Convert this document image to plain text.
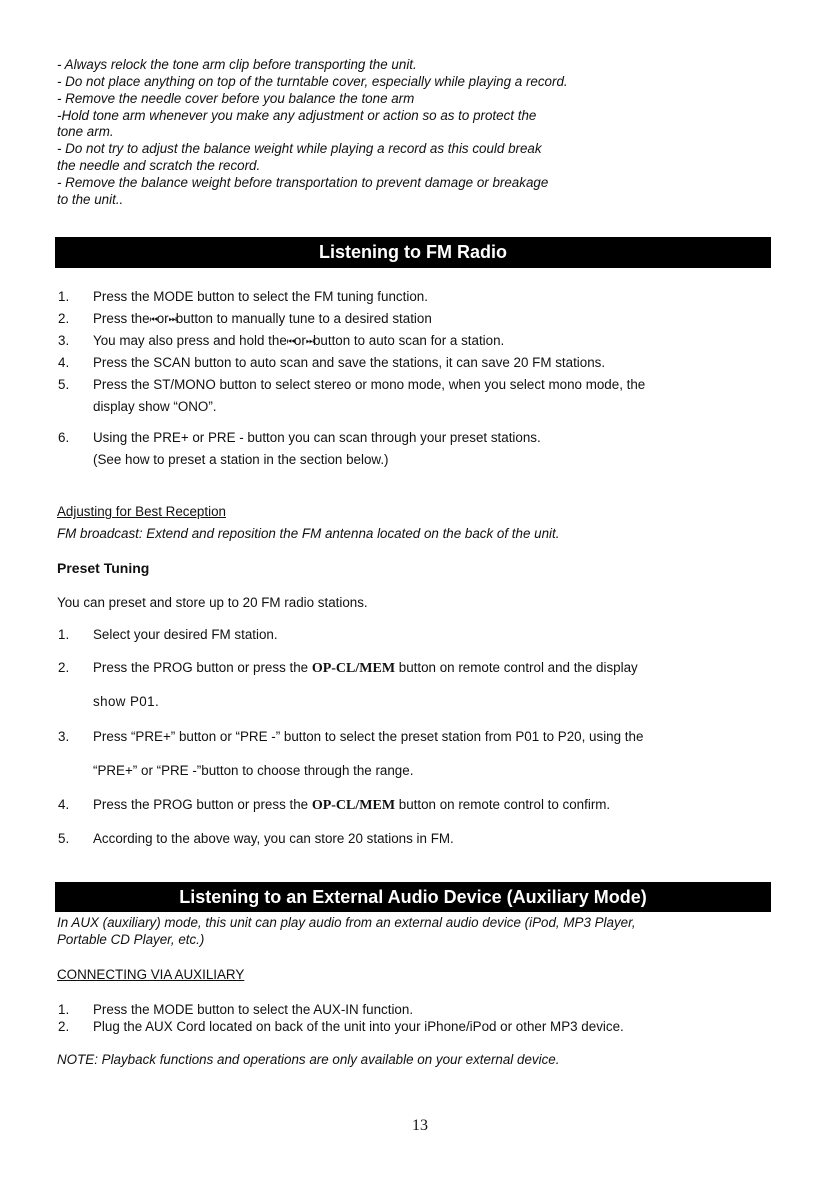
- Always relock the tone arm clip before transporting the unit.
- Do not place anything on top of the turntable cover, especially while playing a record.
- Remove the needle cover before you balance the tone arm
-Hold tone arm whenever you make any adjustment or action so as to protect the
tone arm.
- Do not try to adjust the balance weight while playing a record as this could break
the needle and scratch the record.
- Remove the balance weight before transportation to prevent damage or breakage
to the unit..
Listening to FM Radio
1. Press the MODE button to select the FM tuning function.
2. Press the⏮or⏭button to manually tune to a desired station
3. You may also press and hold the⏮or⏭button to auto scan for a station.
4. Press the SCAN button to auto scan and save the stations, it can save 20 FM stations.
5. Press the ST/MONO button to select stereo or mono mode, when you select mono mode, the
display show “ONO”.
6. Using the PRE+ or PRE - button you can scan through your preset stations.
(See how to preset a station in the section below.)
Adjusting for Best Reception
FM broadcast: Extend and reposition the FM antenna located on the back of the unit.
Preset Tuning
You can preset and store up to 20 FM radio stations.
1. Select your desired FM station.
2. Press the PROG button or press the OP-CL/MEM button on remote control and the display
show P01.
3. Press “PRE+” button or “PRE -” button to select the preset station from P01 to P20, using the
“PRE+” or “PRE -”button to choose through the range.
4. Press the PROG button or press the OP-CL/MEM button on remote control to confirm.
5. According to the above way, you can store 20 stations in FM.
Listening to an External Audio Device (Auxiliary Mode)
In AUX (auxiliary) mode, this unit can play audio from an external audio device (iPod, MP3 Player,
Portable CD Player, etc.)
CONNECTING VIA AUXILIARY
1. Press the MODE button to select the AUX-IN function.
2. Plug the AUX Cord located on back of the unit into your iPhone/iPod or other MP3 device.
NOTE: Playback functions and operations are only available on your external device.
13
